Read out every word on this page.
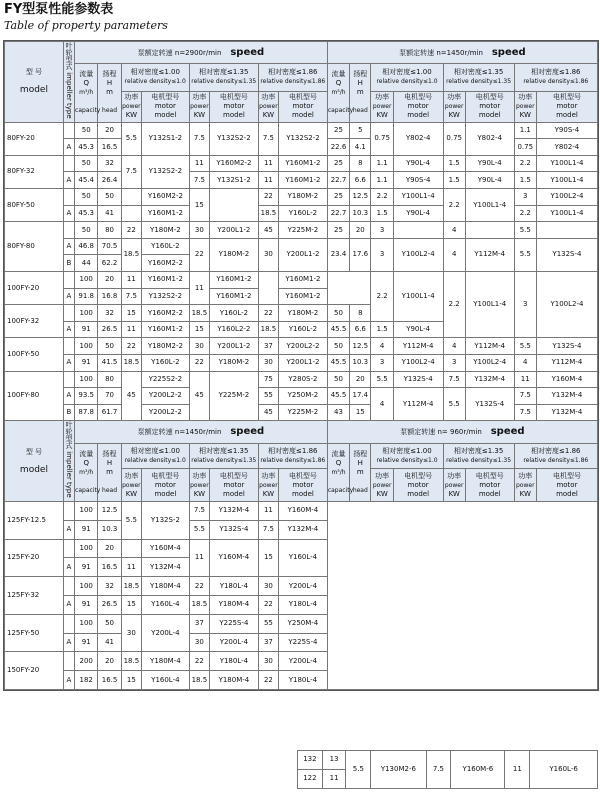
FY型泵性能参数表
Table of property parameters
型 号

model	叶轮型式 impeller type	泵额定转速 n=2900r/min speed								泵额定转速 n=1450r/min speed							
		流量
Q
m³/h

capacity	扬程
H
m

head	相对密度≤1.00
relative density≤1.0		相对密度≤1.35
relative density≤1.35		相对密度≤1.86
relative density≤1.86		流量
Q
m³/h

capacity	扬程
H
m

head	相对密度≤1.00
relative density≤1.0		相对密度≤1.35
relative density≤1.35		相对密度≤1.86
relative density≤1.86	
				功率
power
KW	电机型号
motor
model	功率
power
KW	电机型号
motor
model	功率
power
KW	电机型号
motor
model			功率
power
KW	电机型号
motor
model	功率
power
KW	电机型号
motor
model	功率
power
KW	电机型号
motor
model
80FY-20		50	20	5.5	Y132S1-2	7.5	Y132S2-2	7.5	Y132S2-2	25	5	0.75	Y802-4	0.75	Y802-4	1.1	Y90S-4
	A	45.3	16.5							22.6	4.1					0.75	Y802-4
80FY-32		50	32	7.5	Y132S2-2	11	Y160M2-2	11	Y160M1-2	25	8	1.1	Y90L-4	1.5	Y90L-4	2.2	Y100L1-4
	A	45.4	26.4			7.5	Y132S1-2	11	Y160M1-2	22.7	6.6	1.1	Y90S-4	1.5	Y90L-4	1.5	Y100L1-4
80FY-50		50	50		Y160M2-2	15		22	Y180M-2	25	12.5	2.2	Y100L1-4	2.2	Y100L1-4	3	Y100L2-4
	A	45.3	41		Y160M1-2			18.5	Y160L-2	22.7	10.3	1.5	Y90L-4			2.2	Y100L1-4
80FY-80		50	80	22	Y180M-2	30	Y200L1-2	45	Y225M-2	25	20	3		4		5.5	
	A	46.8	70.5	18.5	Y160L-2	22	Y180M-2	30	Y200L1-2	23.4	17.6	3	Y100L2-4	4	Y112M-4	5.5	Y132S-4
	B	44	62.2		Y160M2-2												
100FY-20		100	20	11	Y160M1-2	11	Y160M1-2		Y160M1-2			2.2	Y100L1-4	2.2	Y100L1-4	3	Y100L2-4
	A	91.8	16.8	7.5	Y132S2-2		Y160M1-2		Y160M1-2								
100FY-32		100	32	15	Y160M2-2	18.5	Y160L-2	22	Y180M-2	50	8						
	A	91	26.5	11	Y160M1-2	15	Y160L2-2	18.5	Y160L-2	45.5	6.6	1.5	Y90L-4				
100FY-50		100	50	22	Y180M2-2	30	Y200L1-2	37	Y200L2-2	50	12.5	4	Y112M-4	4	Y112M-4	5.5	Y132S-4
	A	91	41.5	18.5	Y160L-2	22	Y180M-2	30	Y200L1-2	45.5	10.3	3	Y100L2-4	3	Y100L2-4	4	Y112M-4
100FY-80		100	80	45	Y225S2-2	45	Y225M-2	75	Y280S-2	50	20	5.5	Y132S-4	7.5	Y132M-4	11	Y160M-4
	A	93.5	70		Y200L2-2			55	Y250M-2	45.5	17.4	4	Y112M-4	5.5	Y132S-4	7.5	Y132M-4
	B	87.8	61.7		Y200L2-2			45	Y225M-2	43	15					7.5	Y132M-4
型 号

model	叶轮型式 impeller type	泵额定转速 n=1450r/min speed								泵额定转速 n= 960r/min speed							
		流量
Q
m³/h

capacity	扬程
H
m

head	相对密度≤1.00
relative density≤1.0		相对密度≤1.35
relative density≤1.35		相对密度≤1.86
relative density≤1.86		流量
Q
m³/h

capacity	扬程
H
m

head	相对密度≤1.00
relative density≤1.0		相对密度≤1.35
relative density≤1.35		相对密度≤1.86
relative density≤1.86	
				功率
power
KW	电机型号
motor
model	功率
power
KW	电机型号
motor
model	功率
power
KW	电机型号
motor
model			功率
power
KW	电机型号
motor
model	功率
power
KW	电机型号
motor
model	功率
power
KW	电机型号
motor
model
125FY-12.5		100	12.5	5.5	Y132S-2	7.5	Y132M-4	11	Y160M-4								
	A	91	10.3			5.5	Y132S-4	7.5	Y132M-4								
125FY-20		100	20		Y160M-4	11	Y160M-4	15	Y160L-4								
	A	91	16.5	11	Y132M-4												
125FY-32		100	32	18.5	Y180M-4	22	Y180L-4	30	Y200L-4								
	A	91	26.5	15	Y160L-4	18.5	Y180M-4	22	Y180L-4								
125FY-50		100	50	30	Y200L-4	37	Y225S-4	55	Y250M-4								
	A	91	41			30	Y200L-4	37	Y225S-4								
150FY-20		200	20	18.5	Y180M-4	22	Y180L-4	30	Y200L-4								
	A	182	16.5	15	Y160L-4	18.5	Y180M-4	22	Y180L-4								
132	13	5.5	Y130M2-6	7.5	Y160M-6	11	Y160L-6
122	11						
